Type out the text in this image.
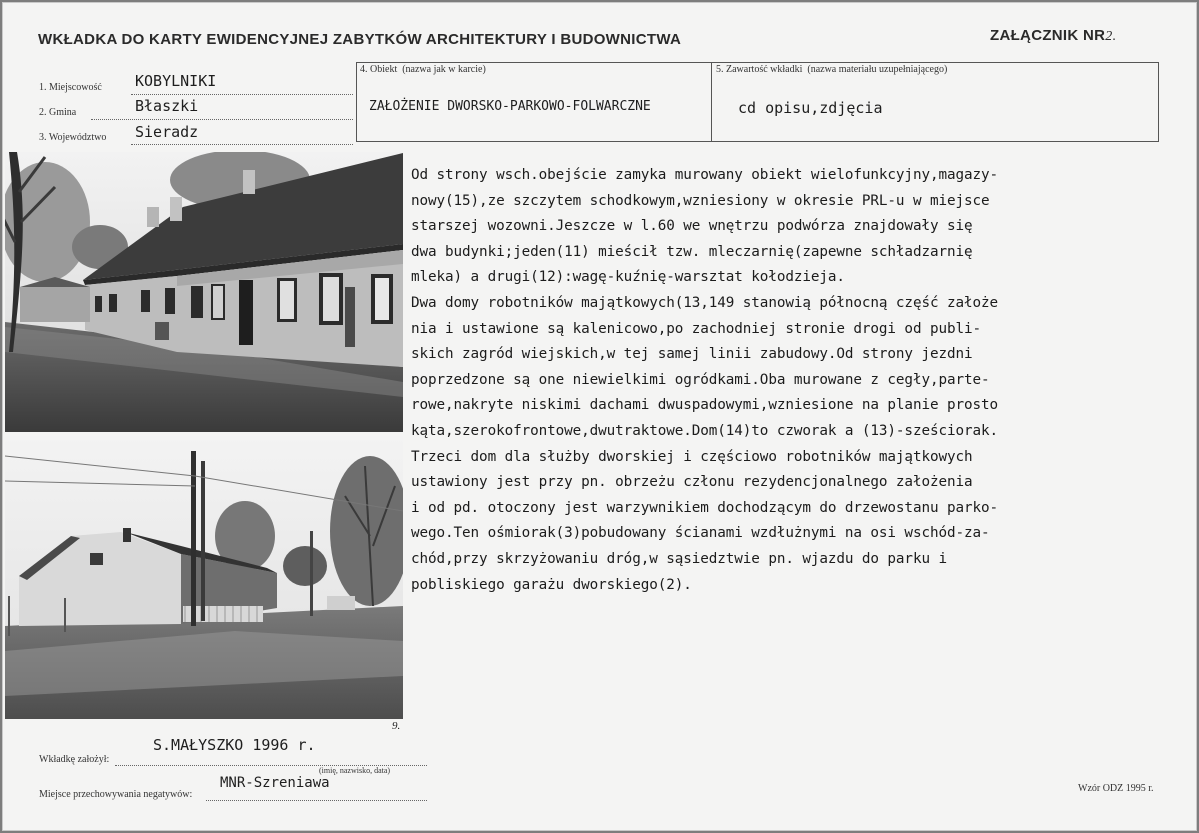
WKŁADKA DO KARTY EWIDENCYJNEJ ZABYTKÓW ARCHITEKTURY I BUDOWNICTWA	ZAŁĄCZNIK NR2.
1. Miejscowość KOBYLNIKI
2. Gmina	Błaszki
3. Województwo Sieradz
4. Obiekt (nazwa jak w karcie)
ZAŁOŻENIE DWORSKO-PARKOWO-FOLWARCZNE
5. Zawartość wkładki (nazwa materiału uzupełniającego)
cd opisu,zdjęcia
9.
Od strony wsch.obejście zamyka murowany obiekt wielofunkcyjny,magazy-
nowy(15),ze szczytem schodkowym,wzniesiony w okresie PRL-u w miejsce
starszej wozowni.Jeszcze w l.60 we wnętrzu podwórza znajdowały się
dwa budynki;jeden(11) mieścił tzw. mleczarnię(zapewne schładzarnię
mleka) a drugi(12):wagę-kuźnię-warsztat kołodzieja.
Dwa domy robotników majątkowych(13,149 stanowią północną część założe
nia i ustawione są kalenicowo,po zachodniej stronie drogi od publi-
skich zagród wiejskich,w tej samej linii zabudowy.Od strony jezdni
poprzedzone są one niewielkimi ogródkami.Oba murowane z cegły,parte-
rowe,nakryte niskimi dachami dwuspadowymi,wzniesione na planie prosto
kąta,szerokofrontowe,dwutraktowe.Dom(14)to czworak a (13)-sześciorak.
Trzeci dom dla służby dworskiej i częściowo robotników majątkowych
ustawiony jest przy pn. obrzeżu członu rezydencjonalnego założenia
i od pd. otoczony jest warzywnikiem dochodzącym do drzewostanu parko-
wego.Ten ośmiorak(3)pobudowany ścianami wzdłużnymi na osi wschód-za-
chód,przy skrzyżowaniu dróg,w sąsiedztwie pn. wjazdu do parku i
pobliskiego garażu dworskiego(2).
Wkładkę założył:
S.MAŁYSZKO 1996 r.
(imię, nazwisko, data)
Miejsce przechowywania negatywów:
MNR-Szreniawa	Wzór ODZ 1995 r.
